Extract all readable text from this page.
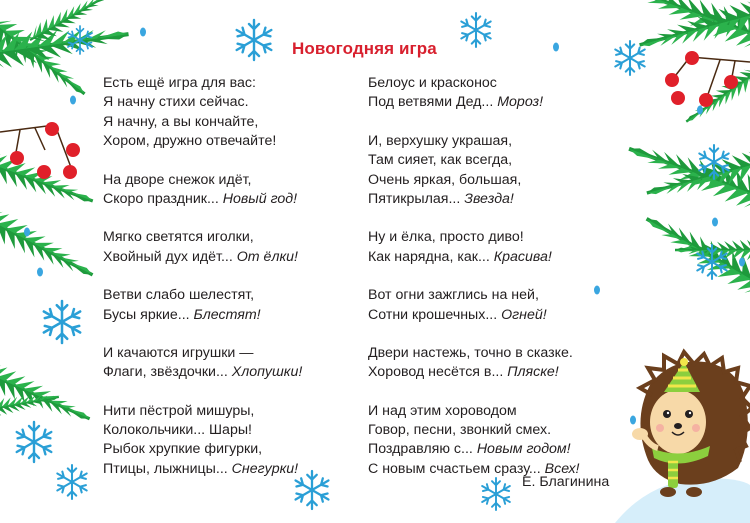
Новогодняя игра
Есть ещё игра для вас:
Я начну стихи сейчас.
Я начну, а вы кончайте,
Хором, дружно отвечайте!
На дворе снежок идёт,
Скоро праздник... Новый год!
Мягко светятся иголки,
Хвойный дух идёт... От ёлки!
Ветви слабо шелестят,
Бусы яркие... Блестят!
И качаются игрушки —
Флаги, звёздочки... Хлопушки!
Нити пёстрой мишуры,
Колокольчики... Шары!
Рыбок хрупкие фигурки,
Птицы, лыжницы... Снегурки!
Белоус и красконос
Под ветвями Дед... Мороз!
И, верхушку украшая,
Там сияет, как всегда,
Очень яркая, большая,
Пятикрылая... Звезда!
Ну и ёлка, просто диво!
Как нарядна, как... Красива!
Вот огни зажглись на ней,
Сотни крошечных... Огней!
Двери настежь, точно в сказке.
Хоровод несётся в... Пляске!
И над этим хороводом
Говор, песни, звонкий смех.
Поздравляю с... Новым годом!
С новым счастьем сразу... Всех!
Е. Благинина
